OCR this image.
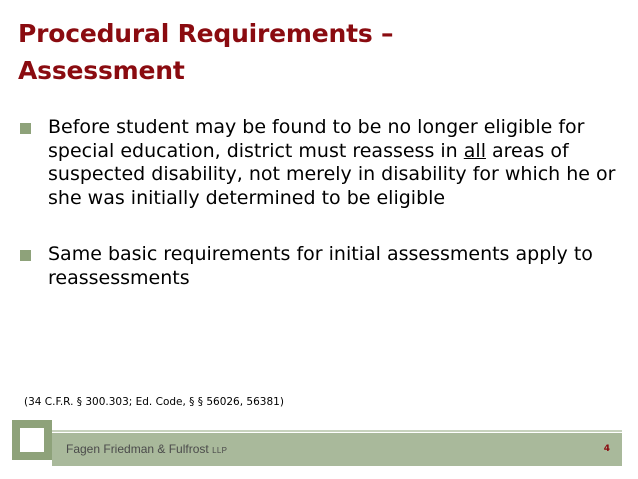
Procedural Requirements –
Assessment
Before student may be found to be no longer eligible for special education, district must reassess in all areas of suspected disability, not merely in disability for which he or she was initially determined to be eligible
Same basic requirements for initial assessments apply to reassessments
(34 C.F.R. § 300.303; Ed. Code, § § 56026, 56381)
Fagen Friedman & Fulfrost LLP	4
